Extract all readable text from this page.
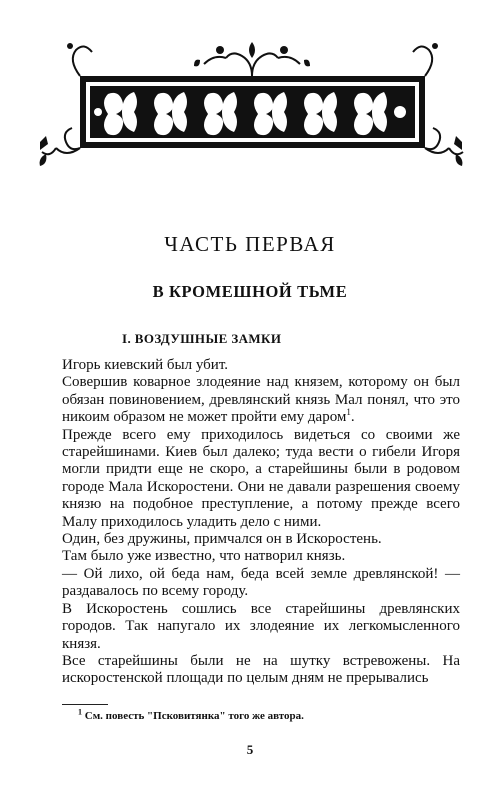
ЧАСТЬ ПЕРВАЯ
В КРОМЕШНОЙ ТЬМЕ
I. ВОЗДУШНЫЕ ЗАМКИ

Игорь киевский был убит.

Совершив коварное злодеяние над князем, которому он был обязан повиновением, древлянский князь Мал понял, что это никоим образом не может пройти ему даром$^1$.

Прежде всего ему приходилось видеться со своими же старейшинами. Киев был далеко; туда вести о гибели Игоря могли придти еще не скоро, а старейшины были в родовом городе Мала Искоростени. Они не давали разрешения своему князю на подобное преступление, а потому прежде всего Малу приходилось уладить дело с ними.

Один, без дружины, примчался он в Искоростень.

Там было уже известно, что натворил князь.

— Ой лихо, ой беда нам, беда всей земле древлянской! — раздавалось по всему городу.

В Искоростень сошлись все старейшины древлянских городов. Так напугало их злодеяние их легкомысленного князя.

Все старейшины были не на шутку встревожены. На искоростенской площади по целым дням не прерывались

$^1$ См. повесть "Псковитянка" того же автора.
5
